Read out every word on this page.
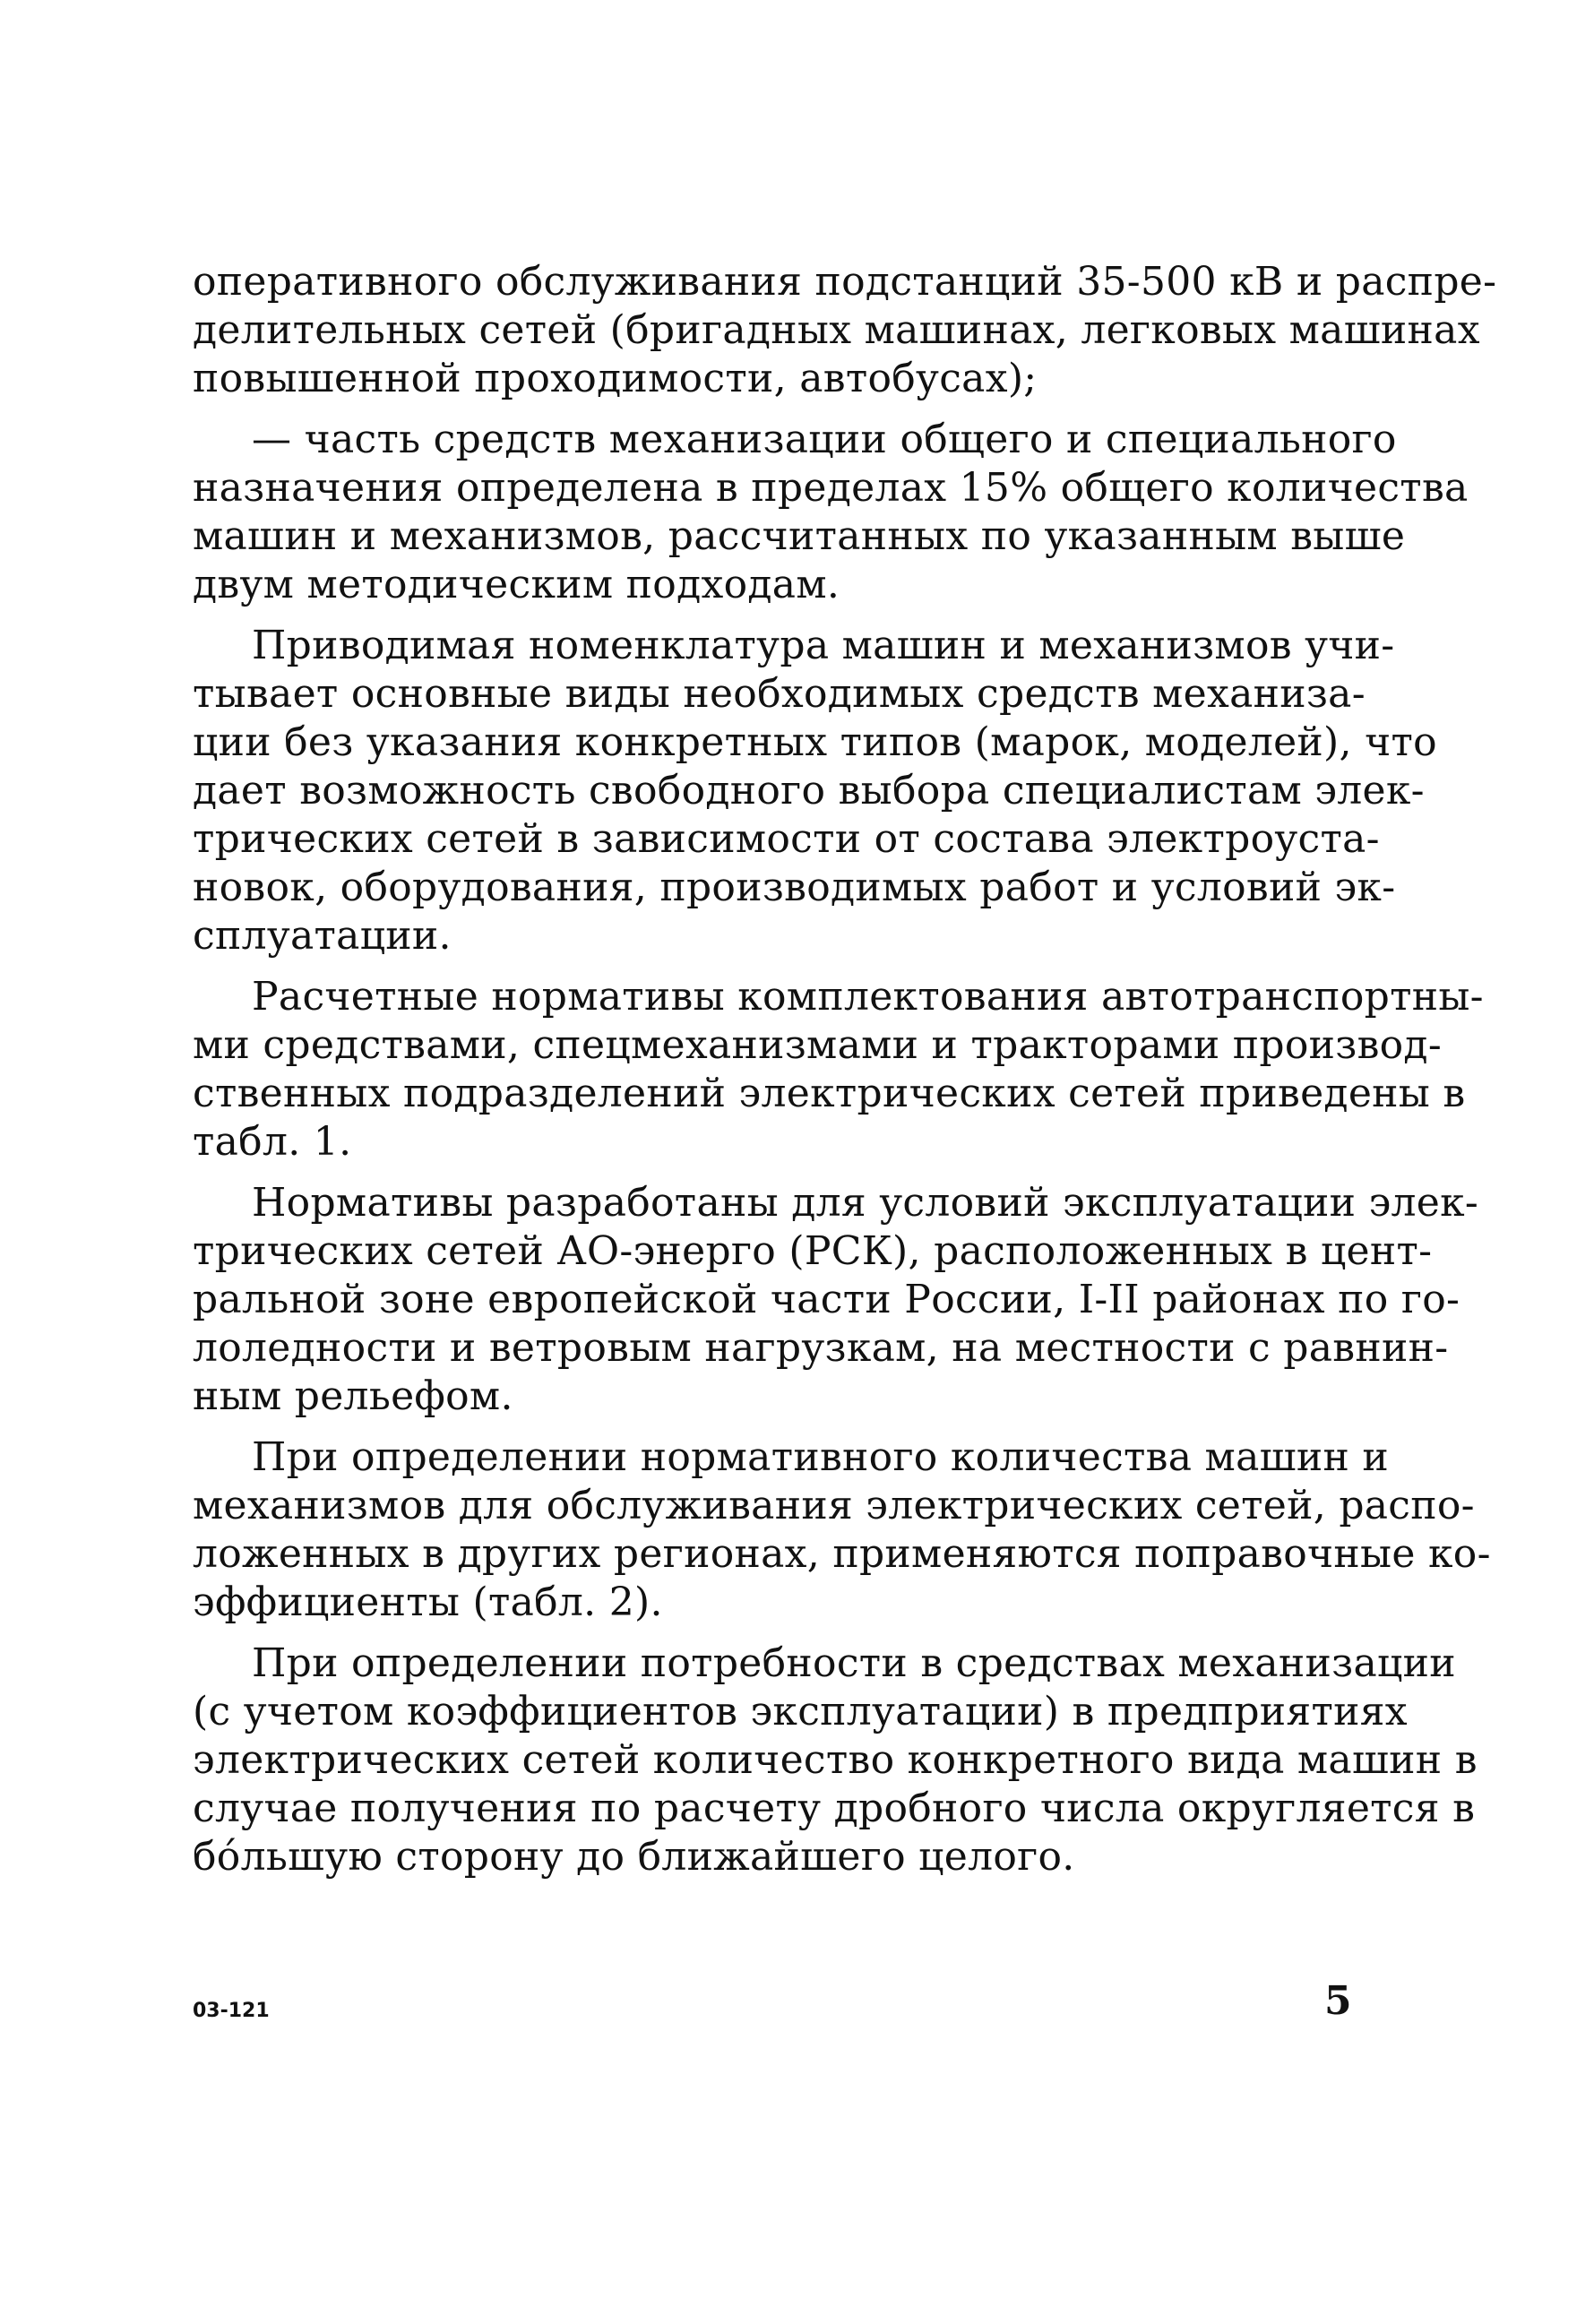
оперативного обслуживания подстанций 35-500 кВ и распре-
делительных сетей (бригадных машинах, легковых машинах
повышенной проходимости, автобусах);
— часть средств механизации общего и специального
назначения определена в пределах 15% общего количества
машин и механизмов, рассчитанных по указанным выше
двум методическим подходам.
Приводимая номенклатура машин и механизмов учи-
тывает основные виды необходимых средств механиза-
ции без указания конкретных типов (марок, моделей), что
дает возможность свободного выбора специалистам элек-
трических сетей в зависимости от состава электроуста-
новок, оборудования, производимых работ и условий эк-
сплуатации.
Расчетные нормативы комплектования автотранспортны-
ми средствами, спецмеханизмами и тракторами производ-
ственных подразделений электрических сетей приведены в
табл. 1.
Нормативы разработаны для условий эксплуатации элек-
трических сетей АО-энерго (РСК), расположенных в цент-
ральной зоне европейской части России, I-II районах по го-
лоледности и ветровым нагрузкам, на местности с равнин-
ным рельефом.
При определении нормативного количества машин и
механизмов для обслуживания электрических сетей, распо-
ложенных в других регионах, применяются поправочные ко-
эффициенты (табл. 2).
При определении потребности в средствах механизации
(с учетом коэффициентов эксплуатации) в предприятиях
электрических сетей количество конкретного вида машин в
случае получения по расчету дробного числа округляется в
бóльшую сторону до ближайшего целого.
03-121	5
